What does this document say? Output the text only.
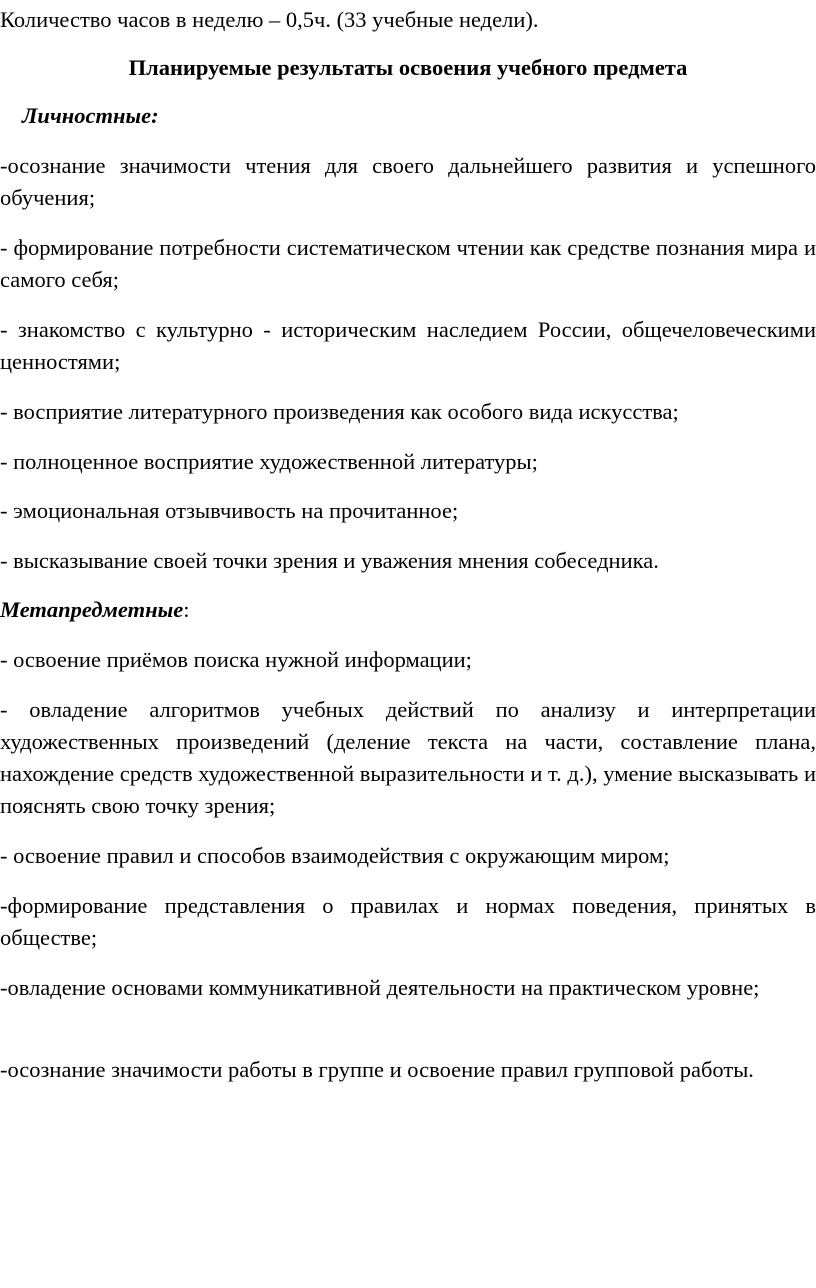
Количество часов в неделю – 0,5ч. (33 учебные недели).

Планируемые результаты освоения учебного предмета

Личностные:

-осознание значимости чтения для своего дальнейшего развития и успешного обучения;

- формирование потребности систематическом чтении как средстве познания мира и самого себя;

- знакомство с культурно - историческим наследием России, общечеловеческими ценностями;

- восприятие литературного произведения как особого вида искусства;

- полноценное восприятие художественной литературы;

- эмоциональная отзывчивость на прочитанное;

- высказывание своей точки зрения и уважения мнения собеседника.

Метапредметные:

- освоение приёмов поиска нужной информации;

- овладение алгоритмов учебных действий по анализу и интерпретации художественных произведений (деление текста на части, составление плана, нахождение средств художественной выразительности и т. д.), умение высказывать и пояснять свою точку зрения;

- освоение правил и способов взаимодействия с окружающим миром;

-формирование представления о правилах и нормах поведения, принятых в обществе;

-овладение основами коммуникативной деятельности на практическом уровне;

-осознание значимости работы в группе и освоение правил групповой работы.
